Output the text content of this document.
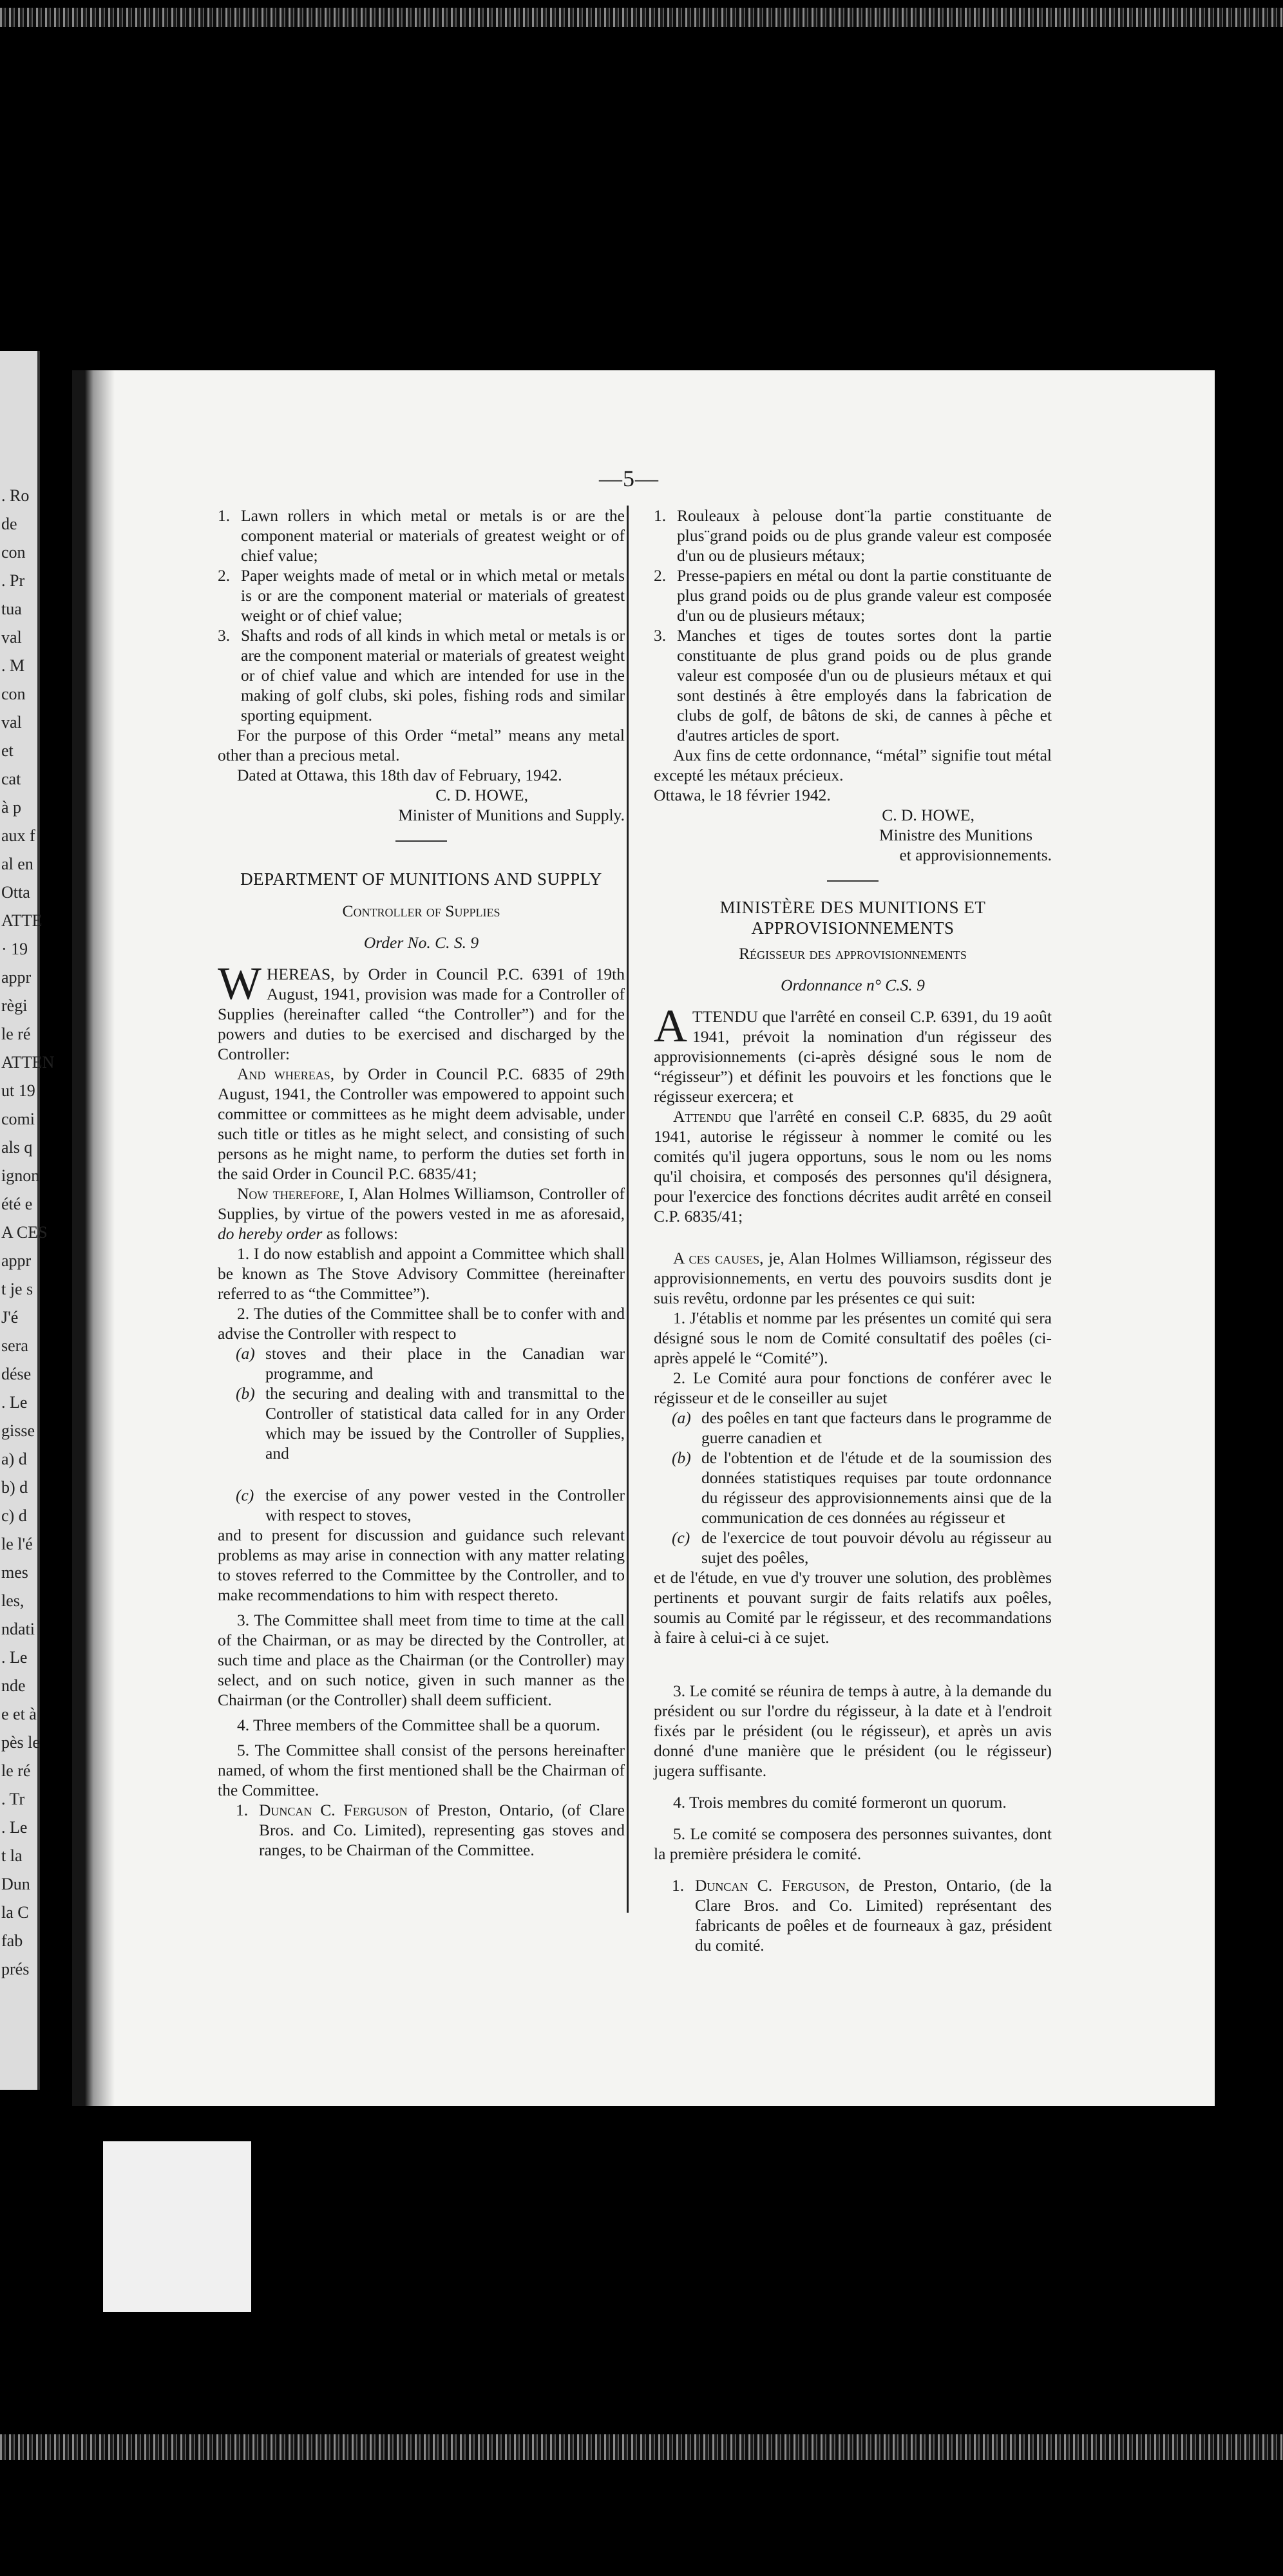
. Ro
de
con
. Pr
tua
val
. M
con
val
et
cat
à p
aux f
al en
Otta
ATTE
· 19
appr
règi
le ré
ATTEN
ut 19
comi
als q
ignon
été e
A CES
appr
t je s
J'é
sera
dése
. Le
gisse
a) d
b) d
c) d
le l'é
mes
les,
ndati
. Le
nde
e et à
pès le
le ré
. Tr
. Le
t la
Dun
la C
fab
prés
—5—
1. Lawn rollers in which metal or metals is or are the component material or materials of greatest weight or of chief value;
2. Paper weights made of metal or in which metal or metals is or are the component material or materials of greatest weight or of chief value;
3. Shafts and rods of all kinds in which metal or metals is or are the component material or materials of greatest weight or of chief value and which are intended for use in the making of golf clubs, ski poles, fishing rods and similar sporting equipment.

For the purpose of this Order “metal” means any metal other than a precious metal.

Dated at Ottawa, this 18th dav of February, 1942.

C. D. HOWE,

Minister of Munitions and Supply.

DEPARTMENT OF MUNITIONS AND SUPPLY

Controller of Supplies

Order No. C. S. 9

WHEREAS, by Order in Council P.C. 6391 of 19th August, 1941, provision was made for a Controller of Supplies (hereinafter called “the Controller”) and for the powers and duties to be exercised and discharged by the Controller:

And whereas, by Order in Council P.C. 6835 of 29th August, 1941, the Controller was empowered to appoint such committee or committees as he might deem advisable, under such title or titles as he might select, and consisting of such persons as he might name, to perform the duties set forth in the said Order in Council P.C. 6835/41;

Now therefore, I, Alan Holmes Williamson, Controller of Supplies, by virtue of the powers vested in me as aforesaid, do hereby order as follows:

1. I do now establish and appoint a Committee which shall be known as The Stove Advisory Committee (hereinafter referred to as “the Committee”).

2. The duties of the Committee shall be to confer with and advise the Controller with respect to

(a) stoves and their place in the Canadian war programme, and
(b) the securing and dealing with and transmittal to the Controller of statistical data called for in any Order which may be issued by the Controller of Supplies, and
(c) the exercise of any power vested in the Controller with respect to stoves,

and to present for discussion and guidance such relevant problems as may arise in connection with any matter relating to stoves referred to the Committee by the Controller, and to make recommendations to him with respect thereto.

3. The Committee shall meet from time to time at the call of the Chairman, or as may be directed by the Controller, at such time and place as the Chairman (or the Controller) may select, and on such notice, given in such manner as the Chairman (or the Controller) shall deem sufficient.

4. Three members of the Committee shall be a quorum.

5. The Committee shall consist of the persons hereinafter named, of whom the first mentioned shall be the Chairman of the Committee.

1. Duncan C. Ferguson of Preston, Ontario, (of Clare Bros. and Co. Limited), representing gas stoves and ranges, to be Chairman of the Committee.
1. Rouleaux à pelouse dont¨la partie constituante de plus¨grand poids ou de plus grande valeur est composée d'un ou de plusieurs métaux;
2. Presse-papiers en métal ou dont la partie constituante de plus grand poids ou de plus grande valeur est composée d'un ou de plusieurs métaux;
3. Manches et tiges de toutes sortes dont la partie constituante de plus grand poids ou de plus grande valeur est composée d'un ou de plusieurs métaux et qui sont destinés à être employés dans la fabrication de clubs de golf, de bâtons de ski, de cannes à pêche et d'autres articles de sport.

Aux fins de cette ordonnance, “métal” signifie tout métal excepté les métaux précieux.

Ottawa, le 18 février 1942.

C. D. HOWE,

Ministre des Munitions

et approvisionnements.

MINISTÈRE DES MUNITIONS ET APPROVISIONNEMENTS

Régisseur des approvisionnements

Ordonnance n° C.S. 9

ATTENDU que l'arrêté en conseil C.P. 6391, du 19 août 1941, prévoit la nomination d'un régisseur des approvisionnements (ci-après désigné sous le nom de “régisseur”) et définit les pouvoirs et les fonctions que le régisseur exercera; et

Attendu que l'arrêté en conseil C.P. 6835, du 29 août 1941, autorise le régisseur à nommer le comité ou les comités qu'il jugera opportuns, sous le nom ou les noms qu'il choisira, et composés des personnes qu'il désignera, pour l'exercice des fonctions décrites audit arrêté en conseil C.P. 6835/41;

A ces causes, je, Alan Holmes Williamson, régisseur des approvisionnements, en vertu des pouvoirs susdits dont je suis revêtu, ordonne par les présentes ce qui suit:

1. J'établis et nomme par les présentes un comité qui sera désigné sous le nom de Comité consultatif des poêles (ci-après appelé le “Comité”).

2. Le Comité aura pour fonctions de conférer avec le régisseur et de le conseiller au sujet

(a) des poêles en tant que facteurs dans le programme de guerre canadien et
(b) de l'obtention et de l'étude et de la soumission des données statistiques requises par toute ordonnance du régisseur des approvisionnements ainsi que de la communication de ces données au régisseur et
(c) de l'exercice de tout pouvoir dévolu au régisseur au sujet des poêles,

et de l'étude, en vue d'y trouver une solution, des problèmes pertinents et pouvant surgir de faits relatifs aux poêles, soumis au Comité par le régisseur, et des recommandations à faire à celui-ci à ce sujet.

3. Le comité se réunira de temps à autre, à la demande du président ou sur l'ordre du régisseur, à la date et à l'endroit fixés par le président (ou le régisseur), et après un avis donné d'une manière que le président (ou le régisseur) jugera suffisante.

4. Trois membres du comité formeront un quorum.

5. Le comité se composera des personnes suivantes, dont la première présidera le comité.

1. Duncan C. Ferguson, de Preston, Ontario, (de la Clare Bros. and Co. Limited) représentant des fabricants de poêles et de fourneaux à gaz, président du comité.
